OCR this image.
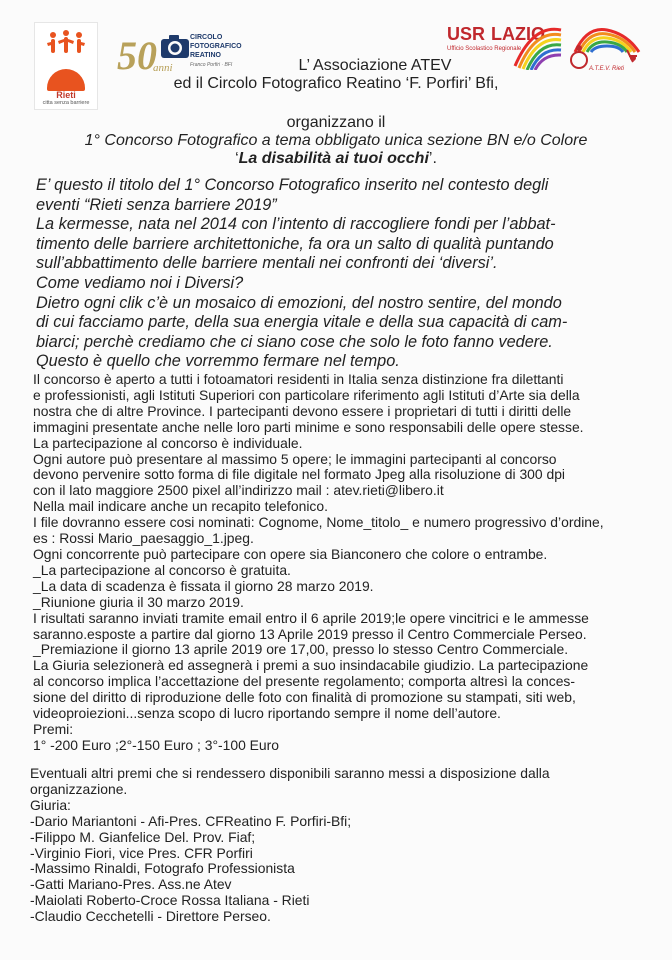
Rieti
citta senza barriere
50
anni
CIRCOLO
FOTOGRAFICO
REATINO
Franco Porfiri · BFI
USR LAZIO
Ufficio Scolastico Regionale
A.T.E.V. Rieti
L’ Associazione ATEV
ed il Circolo Fotografico Reatino ‘F. Porfiri’ Bfi,
organizzano il
1° Concorso Fotografico a tema obbligato unica sezione BN e/o Colore
‘La disabilità ai tuoi occhi’.
E’ questo il titolo del 1° Concorso Fotografico inserito nel contesto degli
eventi “Rieti senza barriere 2019”
La kermesse, nata nel 2014 con l’intento di raccogliere fondi per l’abbat-
timento delle barriere architettoniche, fa ora un salto di qualità puntando
sull’abbattimento delle barriere mentali nei confronti dei ‘diversi’.
Come vediamo noi i Diversi?
Dietro ogni clik c’è un mosaico di emozioni, del nostro sentire, del mondo
di cui facciamo parte, della sua energia vitale e della sua capacità di cam-
biarci; perchè crediamo che ci siano cose che solo le foto fanno vedere.
Questo è quello che vorremmo fermare nel tempo.
Il concorso è aperto a tutti i fotoamatori residenti in Italia senza distinzione fra dilettanti
e professionisti, agli Istituti Superiori con particolare riferimento agli Istituti d’Arte sia della
nostra che di altre Province. I partecipanti devono essere i proprietari di tutti i diritti delle
immagini presentate anche nelle loro parti minime e sono responsabili delle opere stesse.
La partecipazione al concorso è individuale.
Ogni autore può presentare al massimo 5 opere; le immagini partecipanti al concorso
devono pervenire sotto forma di file digitale nel formato Jpeg alla risoluzione di 300 dpi
con il lato maggiore 2500 pixel all’indirizzo mail : atev.rieti@libero.it
Nella mail indicare anche un recapito telefonico.
I file dovranno essere cosi nominati: Cognome, Nome_titolo_ e numero progressivo d’ordine,
es : Rossi Mario_paesaggio_1.jpeg.
Ogni concorrente può partecipare con opere sia Bianconero che colore o entrambe.
_La partecipazione al concorso è gratuita.
_La data di scadenza è fissata il giorno 28 marzo 2019.
_Riunione giuria il 30 marzo 2019.
I risultati saranno inviati tramite email entro il 6 aprile 2019;le opere vincitrici e le ammesse
saranno.esposte a partire dal giorno 13 Aprile 2019 presso il Centro Commerciale Perseo.
_Premiazione il giorno 13 aprile 2019 ore 17,00, presso lo stesso Centro Commerciale.
La Giuria selezionerà ed assegnerà i premi a suo insindacabile giudizio. La partecipazione
al concorso implica l’accettazione del presente regolamento; comporta altresì la conces-
sione del diritto di riproduzione delle foto con finalità di promozione su stampati, siti web,
videoproiezioni...senza scopo di lucro riportando sempre il nome dell’autore.
Premi:
1° -200 Euro ;2°-150 Euro ; 3°-100 Euro
Eventuali altri premi che si rendessero disponibili saranno messi a disposizione dalla
organizzazione.
Giuria:
-Dario Mariantoni - Afi-Pres. CFReatino F. Porfiri-Bfi;
-Filippo M. Gianfelice Del. Prov. Fiaf;
-Virginio Fiori, vice Pres. CFR Porfiri
-Massimo Rinaldi, Fotografo Professionista
-Gatti Mariano-Pres. Ass.ne Atev
-Maiolati Roberto-Croce Rossa Italiana - Rieti
-Claudio Cecchetelli - Direttore Perseo.
